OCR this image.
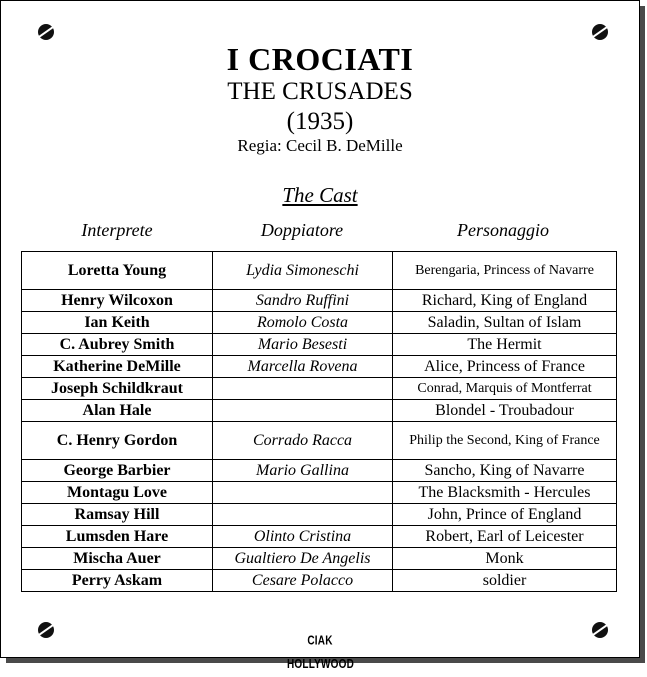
I CROCIATI
THE CRUSADES
(1935)
Regia: Cecil B. DeMille
The Cast
Interprete	Doppiatore	Personaggio
Loretta Young	Lydia Simoneschi	Berengaria, Princess of Navarre
Henry Wilcoxon	Sandro Ruffini	Richard, King of England
Ian Keith	Romolo Costa	Saladin, Sultan of Islam
C. Aubrey Smith	Mario Besesti	The Hermit
Katherine DeMille	Marcella Rovena	Alice, Princess of France
Joseph Schildkraut		Conrad, Marquis of Montferrat
Alan Hale		Blondel - Troubadour
C. Henry Gordon	Corrado Racca	Philip the Second, King of France
George Barbier	Mario Gallina	Sancho, King of Navarre
Montagu Love		The Blacksmith - Hercules
Ramsay Hill		John, Prince of England
Lumsden Hare	Olinto Cristina	Robert, Earl of Leicester
Mischa Auer	Gualtiero De Angelis	Monk
Perry Askam	Cesare Polacco	soldier
CIAK HOLLYWOOD
